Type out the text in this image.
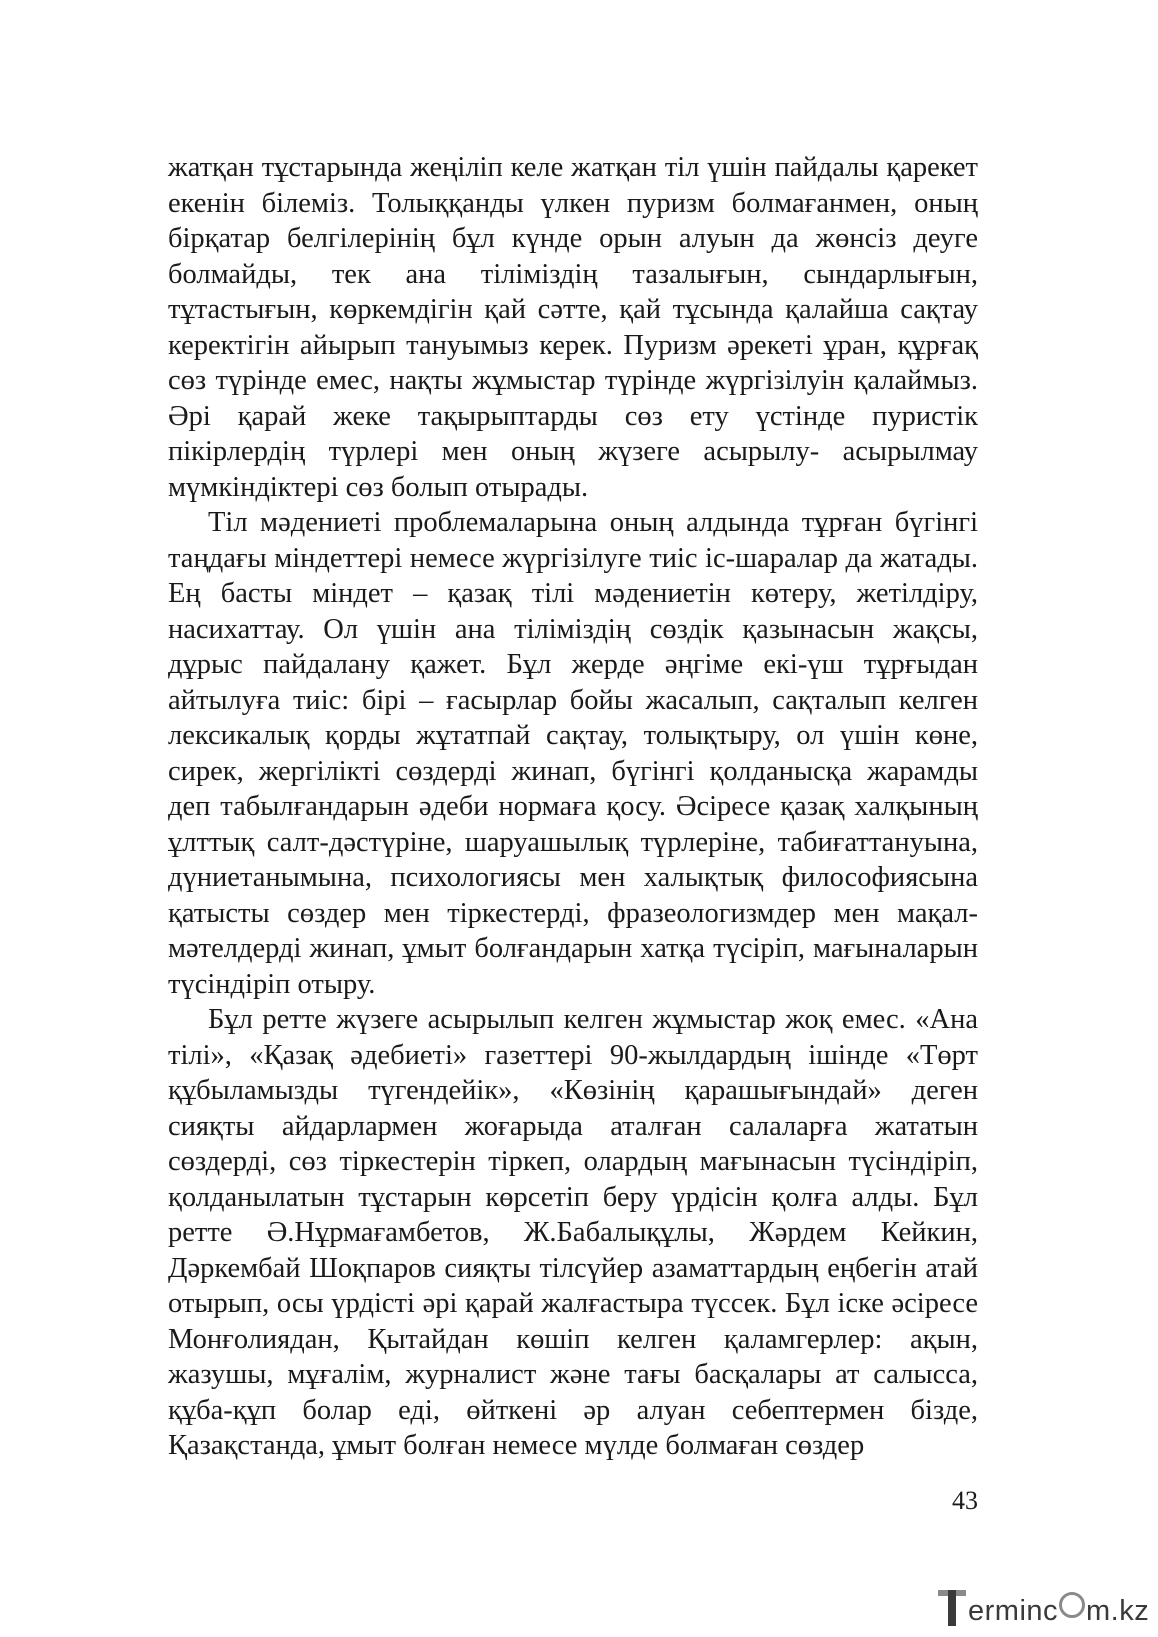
жатқан тұстарында жеңіліп келе жатқан тіл үшін пайдалы қарекет екенін білеміз. Толыққанды үлкен пуризм болмағанмен, оның бірқатар белгілерінің бұл күнде орын алуын да жөнсіз деуге болмайды, тек ана тіліміздің тазалығын, сындарлығын, тұтастығын, көркемдігін қай сәтте, қай тұсында қалайша сақтау керектігін айырып тануымыз керек. Пуризм әрекеті ұран, құрғақ сөз түрінде емес, нақты жұмыстар түрінде жүргізілуін қалаймыз. Әрі қарай жеке тақырыптарды сөз ету үстінде пуристік пікірлердің түрлері мен оның жүзеге асырылу- асырылмау мүмкіндіктері сөз болып отырады.

Тіл мәдениеті проблемаларына оның алдында тұрған бүгінгі таңдағы міндеттері немесе жүргізілуге тиіс іс-шаралар да жатады. Ең басты міндет – қазақ тілі мәдениетін көтеру, жетілдіру, насихаттау. Ол үшін ана тіліміздің сөздік қазынасын жақсы, дұрыс пайдалану қажет. Бұл жерде әңгіме екі-үш тұрғыдан айтылуға тиіс: бірі – ғасырлар бойы жасалып, сақталып келген лексикалық қорды жұтатпай сақтау, толықтыру, ол үшін көне, сирек, жергілікті сөздерді жинап, бүгінгі қолданысқа жарамды деп табылғандарын әдеби нормаға қосу. Әсіресе қазақ халқының ұлттық салт-дәстүріне, шаруашылық түрлеріне, табиғаттануына, дүниетанымына, психологиясы мен халықтық философиясына қатысты сөздер мен тіркестерді, фразеологизмдер мен мақал-мәтелдерді жинап, ұмыт болғандарын хатқа түсіріп, мағыналарын түсіндіріп отыру.

Бұл ретте жүзеге асырылып келген жұмыстар жоқ емес. «Ана тілі», «Қазақ әдебиеті» газеттері 90-жылдардың ішінде «Төрт құбыламызды түгендейік», «Көзінің қарашығындай» деген сияқты айдарлармен жоғарыда аталған салаларға жататын сөздерді, сөз тіркестерін тіркеп, олардың мағынасын түсіндіріп, қолданылатын тұстарын көрсетіп беру үрдісін қолға алды. Бұл ретте Ә.Нұрмағамбетов, Ж.Бабалықұлы, Жәрдем Кейкин, Дәркембай Шоқпаров сияқты тілсүйер азаматтардың еңбегін атай отырып, осы үрдісті әрі қарай жалғастыра түссек. Бұл іске әсіресе Монғолиядан, Қытайдан көшіп келген қаламгерлер: ақын, жазушы, мұғалім, журналист және тағы басқалары ат салысса, құба-құп болар еді, өйткені әр алуан себептермен бізде, Қазақстанда, ұмыт болған немесе мүлде болмаған сөздер

43
erminc m.kz
